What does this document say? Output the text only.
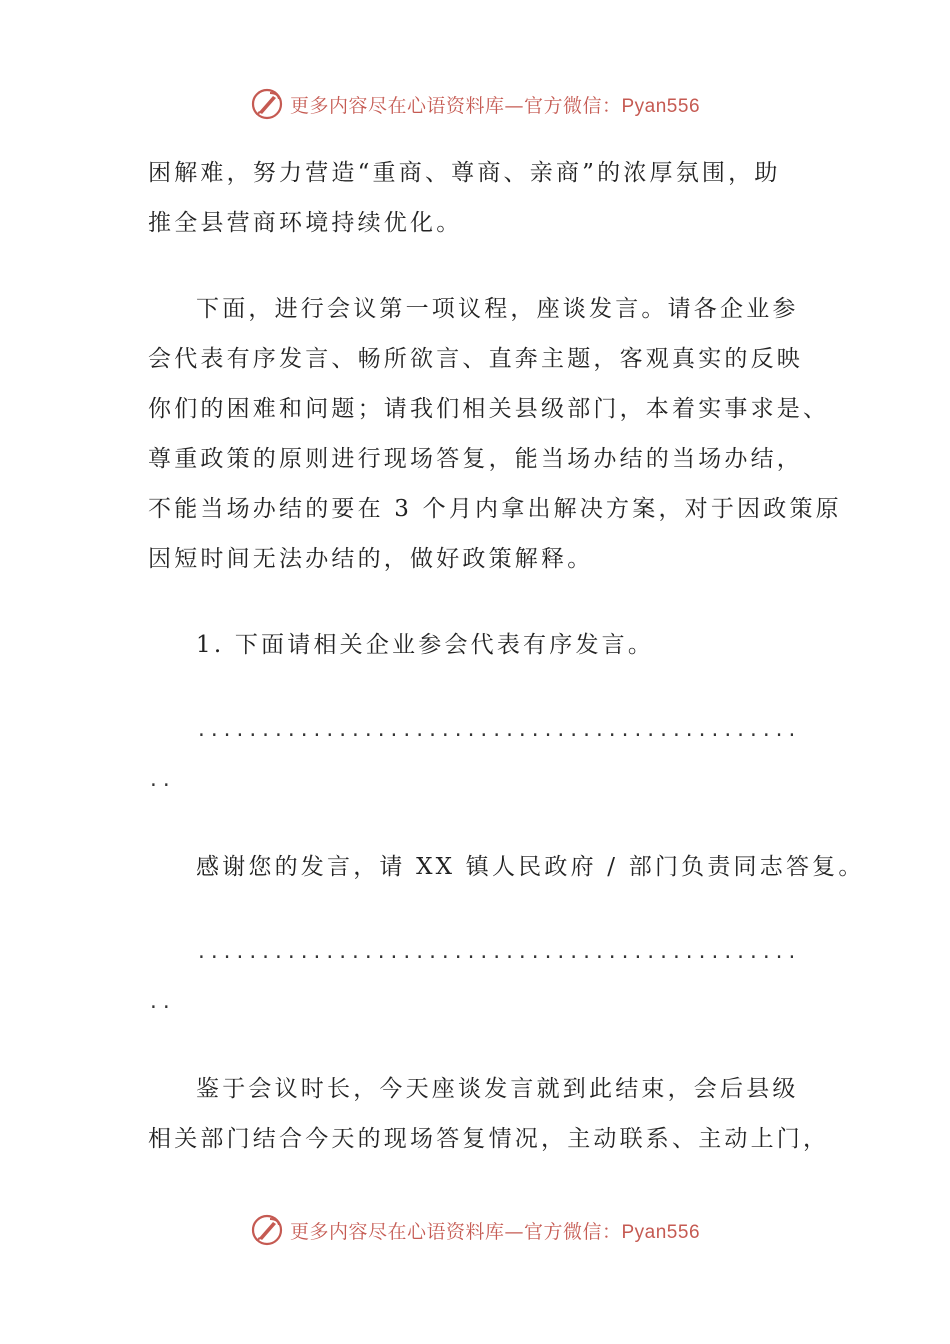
更多内容尽在心语资料库—官方微信：Pyan556
困解难，努力营造“重商、尊商、亲商”的浓厚氛围，助
推全县营商环境持续优化。
下面，进行会议第一项议程，座谈发言。请各企业参
会代表有序发言、畅所欲言、直奔主题，客观真实的反映
你们的困难和问题；请我们相关县级部门，本着实事求是、
尊重政策的原则进行现场答复，能当场办结的当场办结，
不能当场办结的要在 3 个月内拿出解决方案，对于因政策原
因短时间无法办结的，做好政策解释。
1. 下面请相关企业参会代表有序发言。
...............................................
..
感谢您的发言，请 XX 镇人民政府 / 部门负责同志答复。
...............................................
..
鉴于会议时长，今天座谈发言就到此结束，会后县级
相关部门结合今天的现场答复情况，主动联系、主动上门，
更多内容尽在心语资料库—官方微信：Pyan556
